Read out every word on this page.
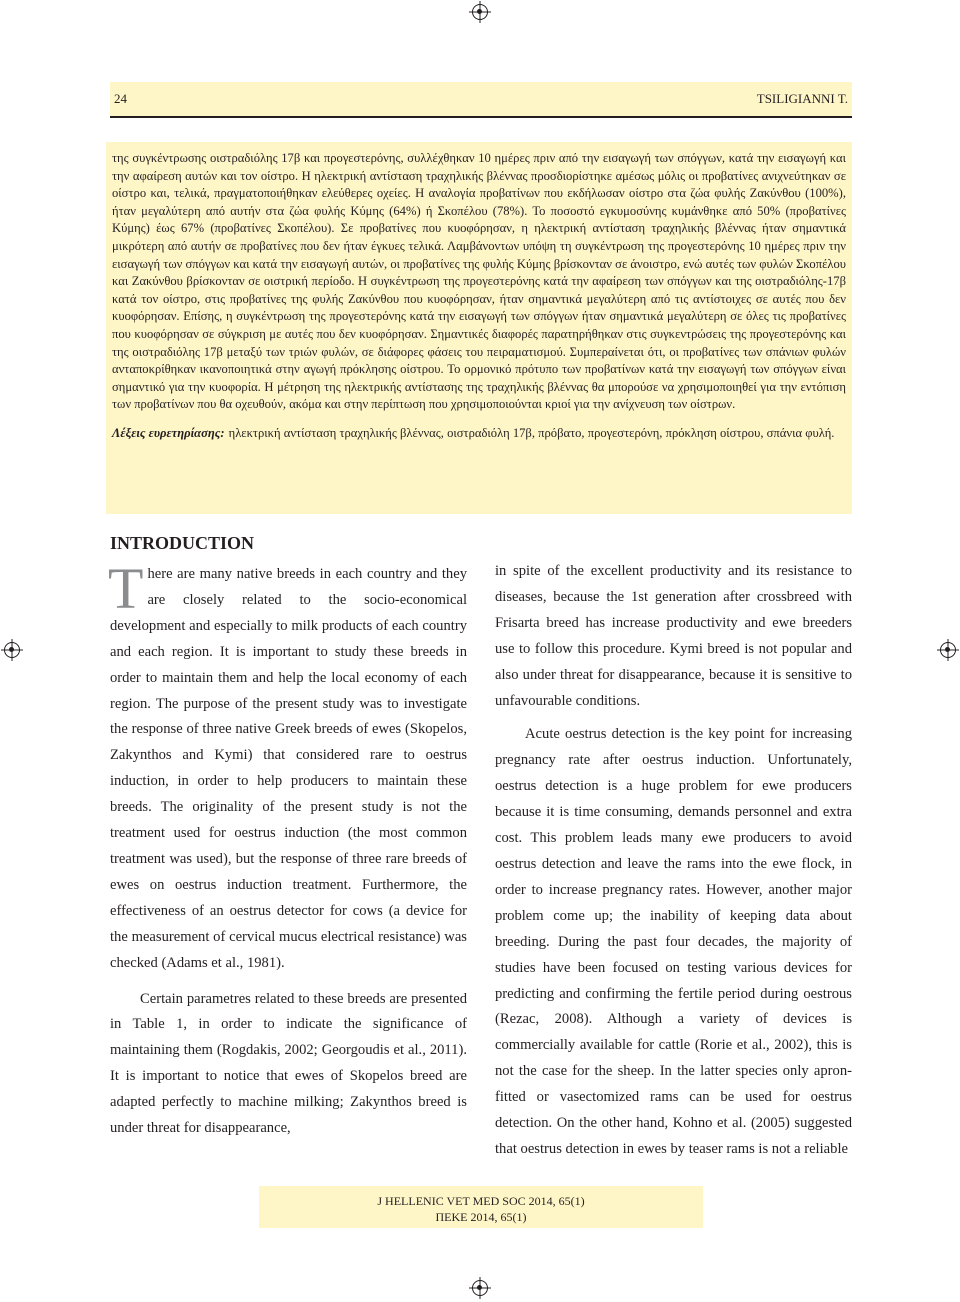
24	TSILIGIANNI T.

της συγκέντρωσης οιστραδιόλης 17β και προγεστερόνης, συλλέχθηκαν 10 ημέρες πριν από την εισαγωγή των σπόγγων, κατά την εισαγωγή και την αφαίρεση αυτών και τον οίστρο. Η ηλεκτρική αντίσταση τραχηλικής βλέννας προσδιορίστηκε αμέσως μόλις οι προβατίνες ανιχνεύτηκαν σε οίστρο και, τελικά, πραγματοποιήθηκαν ελεύθερες οχείες. Η αναλογία προβατίνων που εκδήλωσαν οίστρο στα ζώα φυλής Ζακύνθου (100%), ήταν μεγαλύτερη από αυτήν στα ζώα φυλής Κύμης (64%) ή Σκοπέλου (78%). Το ποσοστό εγκυμοσύνης κυμάνθηκε από 50% (προβατίνες Κύμης) έως 67% (προβατίνες Σκοπέλου). Σε προβατίνες που κυοφόρησαν, η ηλεκτρική αντίσταση τραχηλικής βλέννας ήταν σημαντικά μικρότερη από αυτήν σε προβατίνες που δεν ήταν έγκυες τελικά. Λαμβάνοντων υπόψη τη συγκέντρωση της προγεστερόνης 10 ημέρες πριν την εισαγωγή των σπόγγων και κατά την εισαγωγή αυτών, οι προβατίνες της φυλής Κύμης βρίσκονταν σε άνοιστρο, ενώ αυτές των φυλών Σκοπέλου και Ζακύνθου βρίσκονταν σε οιστρική περίοδο. Η συγκέντρωση της προγεστερόνης κατά την αφαίρεση των σπόγγων και της οιστραδιόλης-17β κατά τον οίστρο, στις προβατίνες της φυλής Ζακύνθου που κυοφόρησαν, ήταν σημαντικά μεγαλύτερη από τις αντίστοιχες σε αυτές που δεν κυοφόρησαν. Επίσης, η συγκέντρωση της προγεστερόνης κατά την εισαγωγή των σπόγγων ήταν σημαντικά μεγαλύτερη σε όλες τις προβατίνες που κυοφόρησαν σε σύγκριση με αυτές που δεν κυοφόρησαν. Σημαντικές διαφορές παρατηρήθηκαν στις συγκεντρώσεις της προγεστερόνης και της οιστραδιόλης 17β μεταξύ των τριών φυλών, σε διάφορες φάσεις του πειραματισμού. Συμπεραίνεται ότι, οι προβατίνες των σπάνιων φυλών ανταποκρίθηκαν ικανοποιητικά στην αγωγή πρόκλησης οίστρου. Το ορμονικό πρότυπο των προβατίνων κατά την εισαγωγή των σπόγγων είναι σημαντικό για την κυοφορία. Η μέτρηση της ηλεκτρικής αντίστασης της τραχηλικής βλέννας θα μπορούσε να χρησιμοποιηθεί για την εντόπιση των προβατίνων που θα οχευθούν, ακόμα και στην περίπτωση που χρησιμοποιούνται κριοί για την ανίχνευση των οίστρων.

Λέξεις ευρετηρίασης: ηλεκτρική αντίσταση τραχηλικής βλέννας, οιστραδιόλη 17β, πρόβατο, προγεστερόνη, πρόκληση οίστρου, σπάνια φυλή.

INTRODUCTION

There are many native breeds in each country and they are closely related to the socio-economical development and especially to milk products of each country and each region. It is important to study these breeds in order to maintain them and help the local economy of each region. The purpose of the present study was to investigate the response of three native Greek breeds of ewes (Skopelos, Zakynthos and Kymi) that considered rare to oestrus induction, in order to help producers to maintain these breeds. The originality of the present study is not the treatment used for oestrus induction (the most common treatment was used), but the response of three rare breeds of ewes on oestrus induction treatment. Furthermore, the effectiveness of an oestrus detector for cows (a device for the measurement of cervical mucus electrical resistance) was checked (Adams et al., 1981).

Certain parametres related to these breeds are presented in Table 1, in order to indicate the significance of maintaining them (Rogdakis, 2002; Georgoudis et al., 2011). It is important to notice that ewes of Skopelos breed are adapted perfectly to machine milking; Zakynthos breed is under threat for disappearance,

in spite of the excellent productivity and its resistance to diseases, because the 1st generation after crossbreed with Frisarta breed has increase productivity and ewe breeders use to follow this procedure. Kymi breed is not popular and also under threat for disappearance, because it is sensitive to unfavourable conditions.

Acute oestrus detection is the key point for increasing pregnancy rate after oestrus induction. Unfortunately, oestrus detection is a huge problem for ewe producers because it is time consuming, demands personnel and extra cost. This problem leads many ewe producers to avoid oestrus detection and leave the rams into the ewe flock, in order to increase pregnancy rates. However, another major problem come up; the inability of keeping data about breeding. During the past four decades, the majority of studies have been focused on testing various devices for predicting and confirming the fertile period during oestrous (Rezac, 2008). Although a variety of devices is commercially available for cattle (Rorie et al., 2002), this is not the case for the sheep. In the latter species only apron-fitted or vasectomized rams can be used for oestrus detection. On the other hand, Kohno et al. (2005) suggested that oestrus detection in ewes by teaser rams is not a reliable

J HELLENIC VET MED SOC 2014, 65(1)
ΠΕΚΕ 2014, 65(1)
